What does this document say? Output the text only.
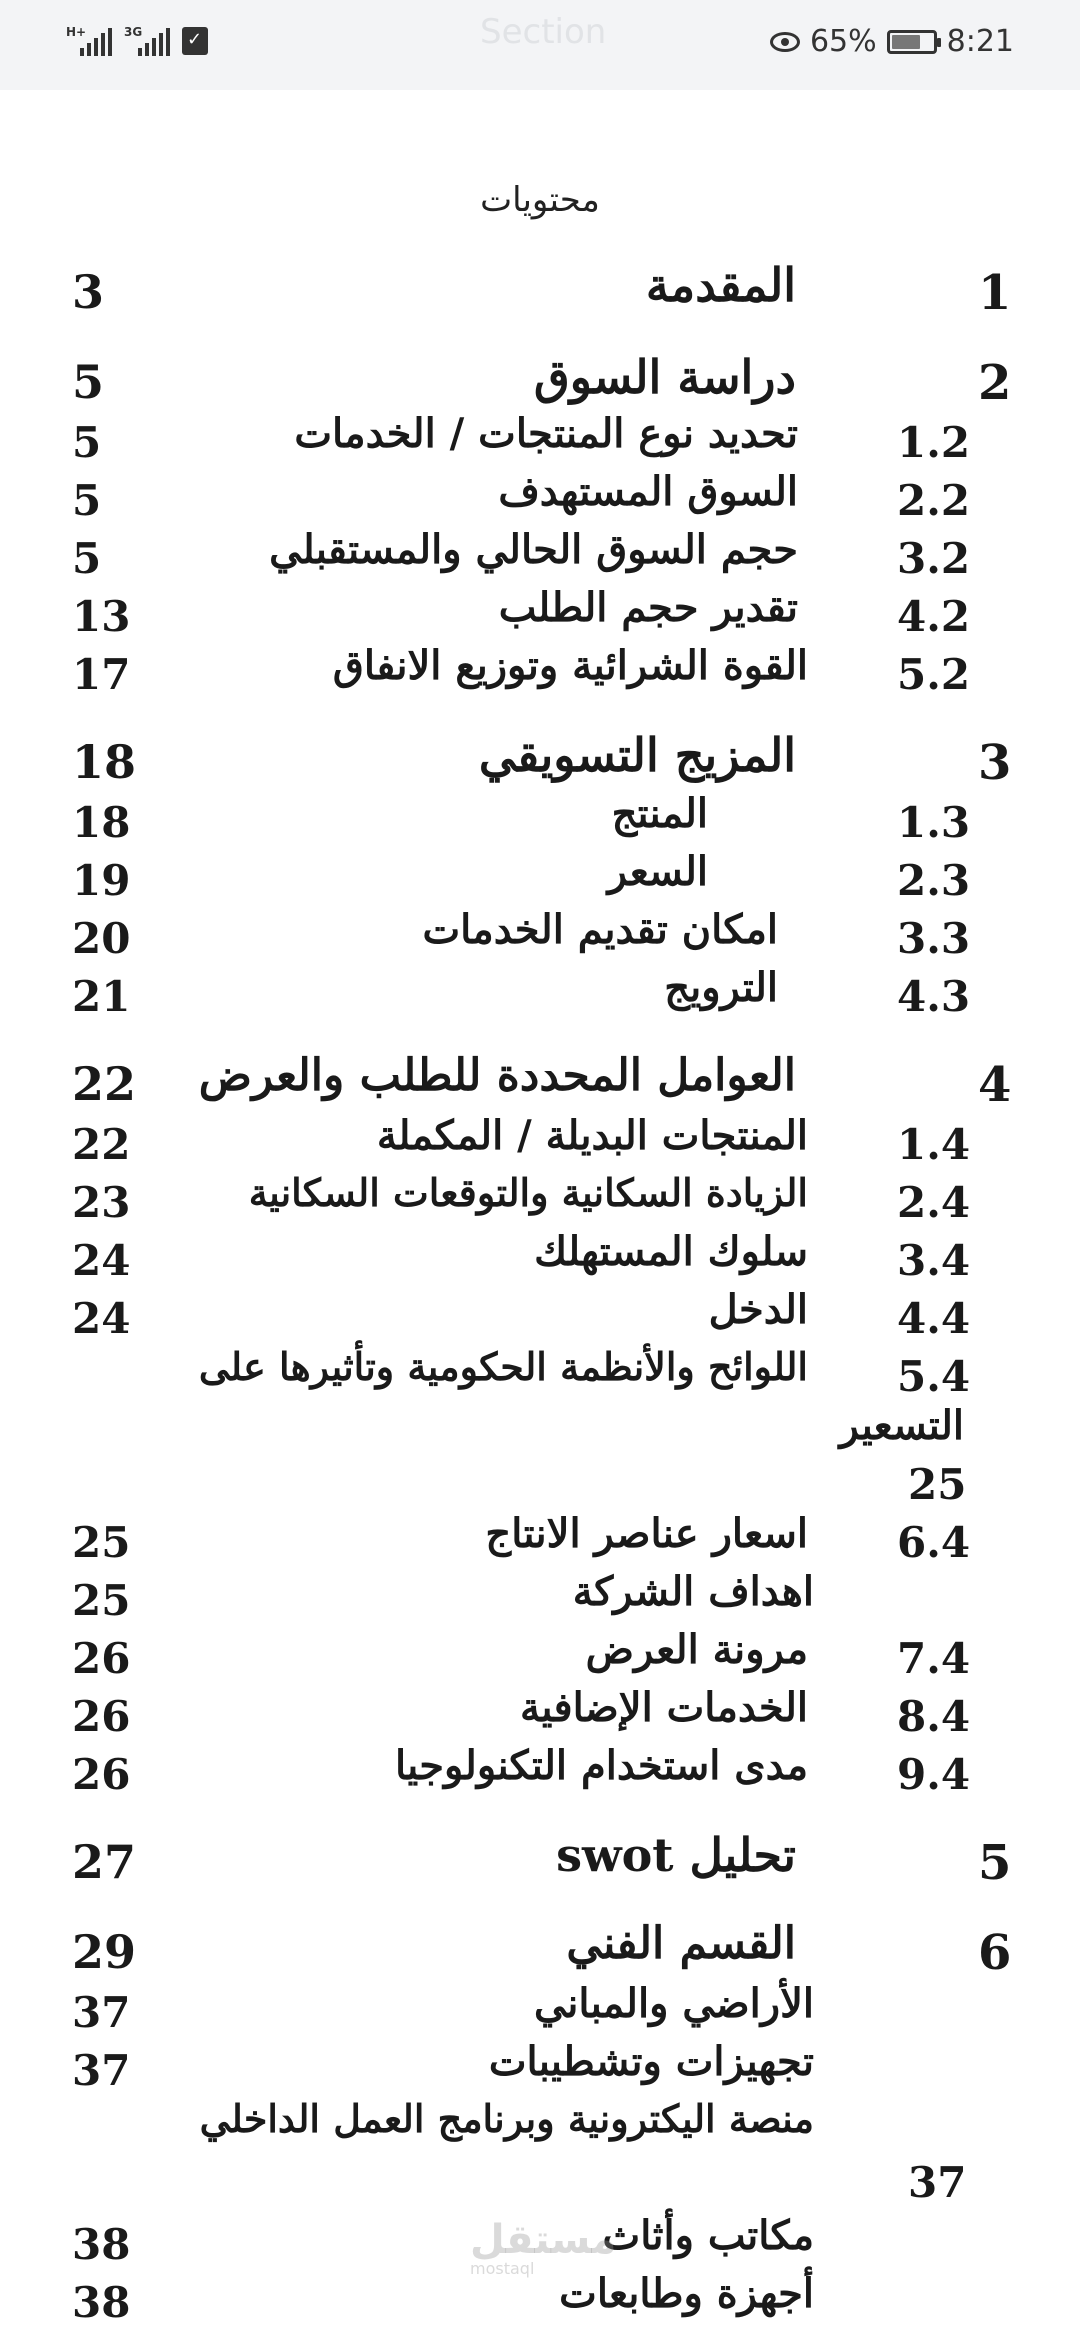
H+	3G
✓	Section	65% 8:21
محتويات
1
المقدمة
3
2
دراسة السوق
5
1.2
تحديد نوع المنتجات / الخدمات
5
2.2
السوق المستهدف
5
3.2
حجم السوق الحالي والمستقبلي
5
4.2
تقدير حجم الطلب
13
5.2
القوة الشرائية وتوزيع الانفاق
17
3
المزيج التسويقي
18
1.3
المنتج
18
2.3
السعر
19
3.3
امكان تقديم الخدمات
20
4.3
الترويج
21
4
العوامل المحددة للطلب والعرض
22
1.4
المنتجات البديلة / المكملة
22
2.4
الزيادة السكانية والتوقعات السكانية
23
3.4
سلوك المستهلك
24
4.4
الدخل
24
5.4
اللوائح والأنظمة الحكومية وتأثيرها على
التسعير
25
6.4
اسعار عناصر الانتاج
25
اهداف الشركة
25
7.4
مرونة العرض
26
8.4
الخدمات الإضافية
26
9.4
مدى استخدام التكنولوجيا
26
5
تحليل swot
27
6
القسم الفني
29
الأراضي والمباني
37
تجهيزات وتشطيبات
37
منصة اليكترونية وبرنامج العمل الداخلي
37
مكاتب وأثاث
38
أجهزة وطابعات
38
مستقل
mostaql
